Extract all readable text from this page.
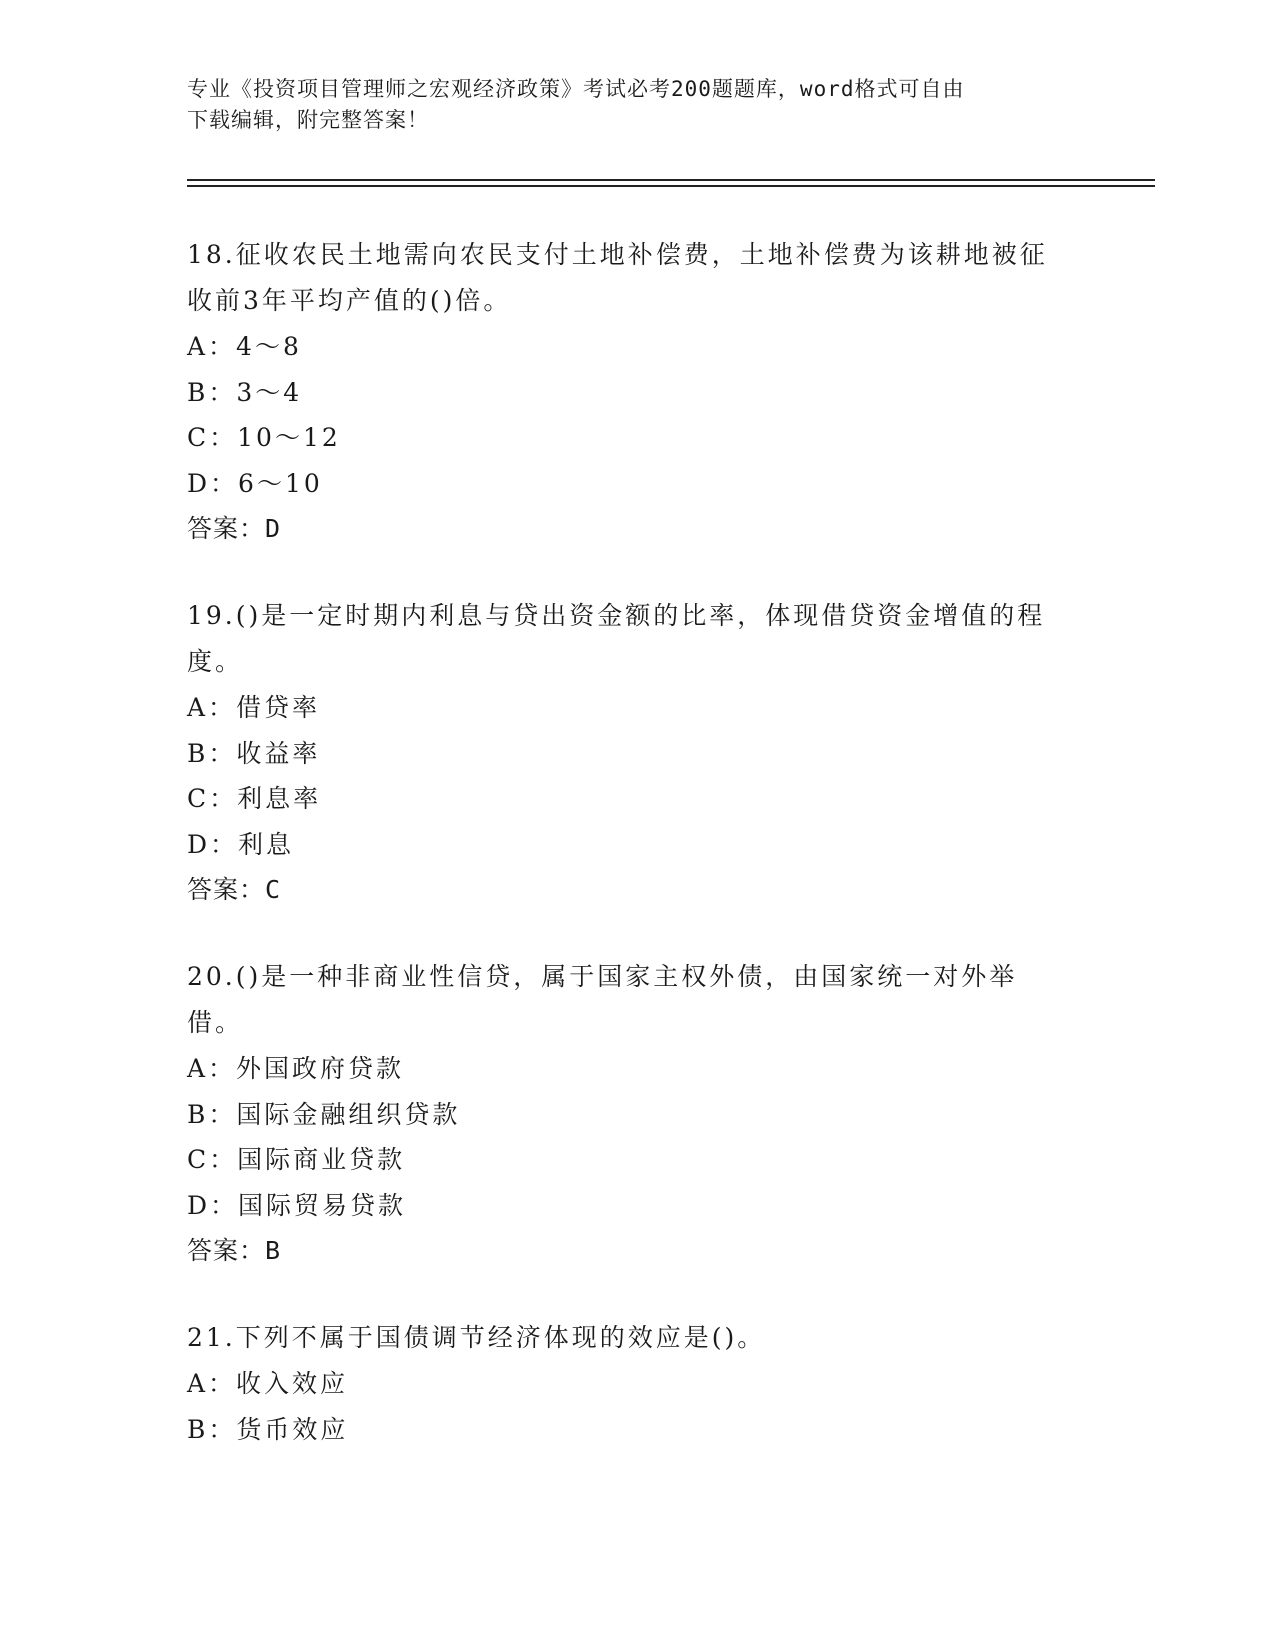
专业《投资项目管理师之宏观经济政策》考试必考200题题库，word格式可自由
下载编辑，附完整答案！
18.征收农民土地需向农民支付土地补偿费，土地补偿费为该耕地被征收前3年平均产值的()倍。
A：4～8
B：3～4
C：10～12
D：6～10
答案：D
19.()是一定时期内利息与贷出资金额的比率，体现借贷资金增值的程度。
A：借贷率
B：收益率
C：利息率
D：利息
答案：C
20.()是一种非商业性信贷，属于国家主权外债，由国家统一对外举借。
A：外国政府贷款
B：国际金融组织贷款
C：国际商业贷款
D：国际贸易贷款
答案：B
21.下列不属于国债调节经济体现的效应是()。
A：收入效应
B：货币效应
